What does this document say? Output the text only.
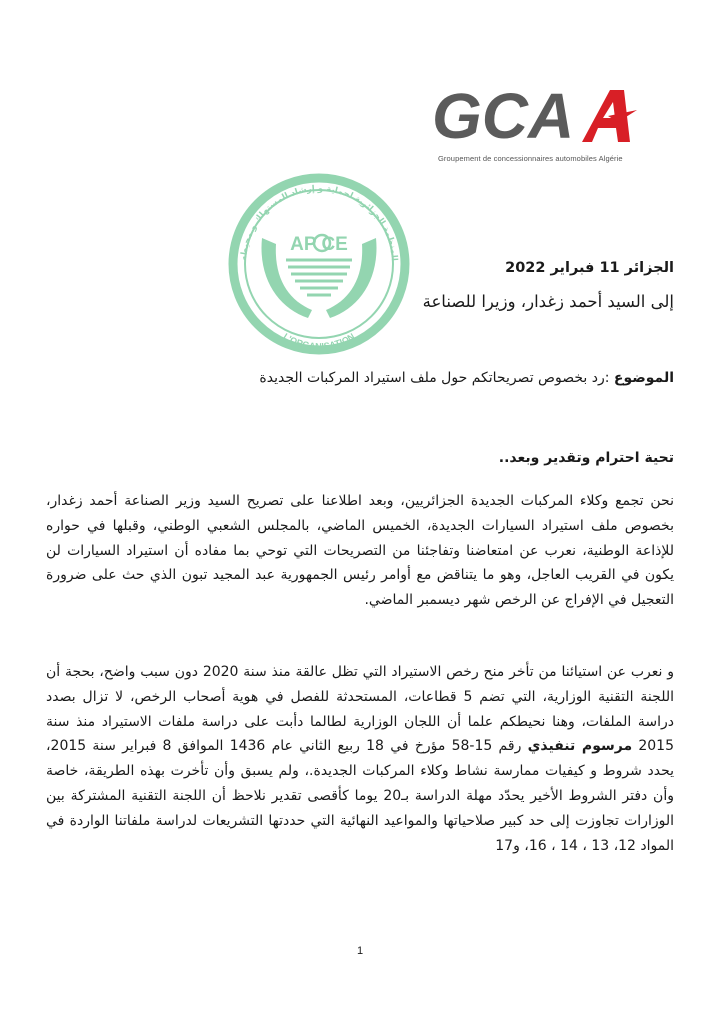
GCA
Groupement de concessionnaires automobiles Algérie
المنظمة الجزائرية لحماية و إرشاد المستهلك و محيطه
AP CE
L'ORGANISATION
الجزائر 11 فبراير 2022
إلى السيد أحمد زغدار، وزيرا للصناعة
الموضوع :رد بخصوص تصريحاتكم حول ملف استيراد المركبات الجديدة
تحية احترام وتقدير وبعد..
نحن تجمع وكلاء المركبات الجديدة الجزائريين، وبعد اطلاعنا على تصريح السيد وزير الصناعة أحمد زغدار، بخصوص ملف استيراد السيارات الجديدة، الخميس الماضي، بالمجلس الشعبي الوطني، وقبلها في حواره للإذاعة الوطنية، نعرب عن امتعاضنا وتفاجئنا من التصريحات التي توحي بما مفاده أن استيراد السيارات لن يكون في القريب العاجل، وهو ما يتناقض مع أوامر رئيس الجمهورية عبد المجيد تبون الذي حث على ضرورة التعجيل في الإفراج عن الرخص شهر ديسمبر الماضي.
و نعرب عن استيائنا من تأخر منح رخص الاستيراد التي تظل عالقة منذ سنة 2020 دون سبب واضح، بحجة أن اللجنة التقنية الوزارية، التي تضم 5 قطاعات، المستحدثة للفصل في هوية أصحاب الرخص، لا تزال بصدد دراسة الملفات، وهنا نحيطكم علما أن اللجان الوزارية لطالما دأبت على دراسة ملفات الاستيراد منذ سنة 2015 مرسوم تنفيذي رقم 15-58 مؤرخ في 18 ربيع الثاني عام 1436 الموافق 8 فبراير سنة 2015، يحدد شروط و كيفيات ممارسة نشاط وكلاء المركبات الجديدة.، ولم يسبق وأن تأخرت بهذه الطريقة، خاصة وأن دفتر الشروط الأخير يحدّد مهلة الدراسة بـ20 يوما كأقصى تقدير نلاحظ أن اللجنة التقنية المشتركة بين الوزارات تجاوزت إلى حد كبير صلاحياتها والمواعيد النهائية التي حددتها التشريعات لدراسة ملفاتنا الواردة في المواد 12، 13 ، 14 ، 16، و17
1
